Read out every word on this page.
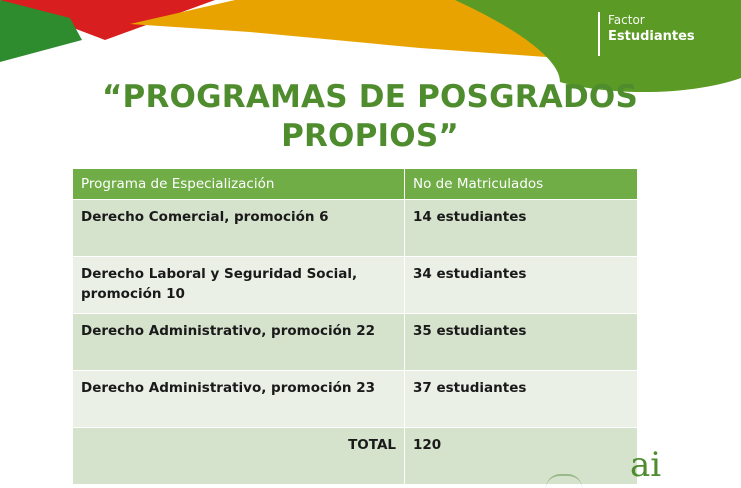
Factor
Estudiantes
“PROGRAMAS DE POSGRADOS
PROPIOS”
Programa de Especialización	No de Matriculados
Derecho Comercial, promoción 6	14 estudiantes

Derecho Laboral y Seguridad Social,
promoción 10	34 estudiantes
Derecho Administrativo, promoción 22	35 estudiantes
Derecho Administrativo, promoción 23	37 estudiantes
TOTAL	120	ai
